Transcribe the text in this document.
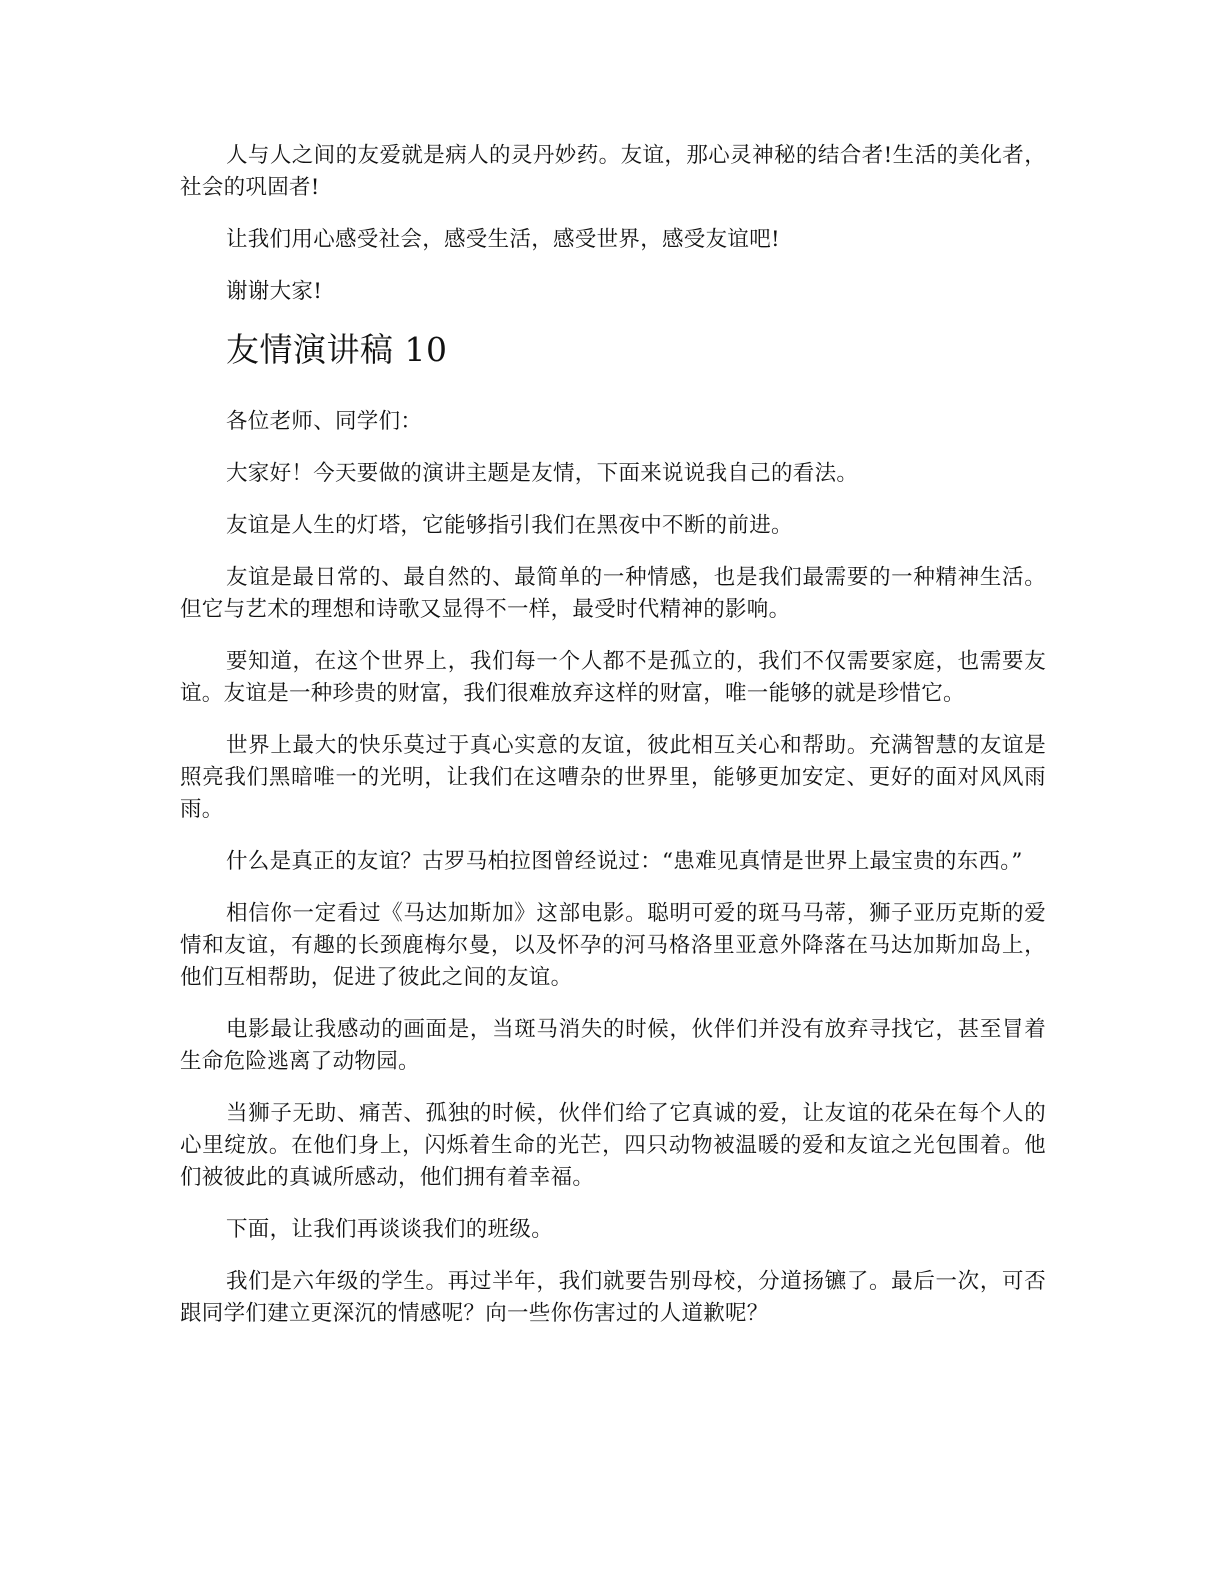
人与人之间的友爱就是病人的灵丹妙药。友谊，那心灵神秘的结合者!生活的美化者，社会的巩固者!

让我们用心感受社会，感受生活，感受世界，感受友谊吧!

谢谢大家!

友情演讲稿 10

各位老师、同学们：

大家好！今天要做的演讲主题是友情，下面来说说我自己的看法。

友谊是人生的灯塔，它能够指引我们在黑夜中不断的前进。

友谊是最日常的、最自然的、最简单的一种情感，也是我们最需要的一种精神生活。但它与艺术的理想和诗歌又显得不一样，最受时代精神的影响。

要知道，在这个世界上，我们每一个人都不是孤立的，我们不仅需要家庭，也需要友谊。友谊是一种珍贵的财富，我们很难放弃这样的财富，唯一能够的就是珍惜它。

世界上最大的快乐莫过于真心实意的友谊，彼此相互关心和帮助。充满智慧的友谊是照亮我们黑暗唯一的光明，让我们在这嘈杂的世界里，能够更加安定、更好的面对风风雨雨。

什么是真正的友谊？古罗马柏拉图曾经说过：“患难见真情是世界上最宝贵的东西。”

相信你一定看过《马达加斯加》这部电影。聪明可爱的斑马马蒂，狮子亚历克斯的爱情和友谊，有趣的长颈鹿梅尔曼，以及怀孕的河马格洛里亚意外降落在马达加斯加岛上，他们互相帮助，促进了彼此之间的友谊。

电影最让我感动的画面是，当斑马消失的时候，伙伴们并没有放弃寻找它，甚至冒着生命危险逃离了动物园。

当狮子无助、痛苦、孤独的时候，伙伴们给了它真诚的爱，让友谊的花朵在每个人的心里绽放。在他们身上，闪烁着生命的光芒，四只动物被温暖的爱和友谊之光包围着。他们被彼此的真诚所感动，他们拥有着幸福。

下面，让我们再谈谈我们的班级。

我们是六年级的学生。再过半年，我们就要告别母校，分道扬镳了。最后一次，可否跟同学们建立更深沉的情感呢？向一些你伤害过的人道歉呢？
